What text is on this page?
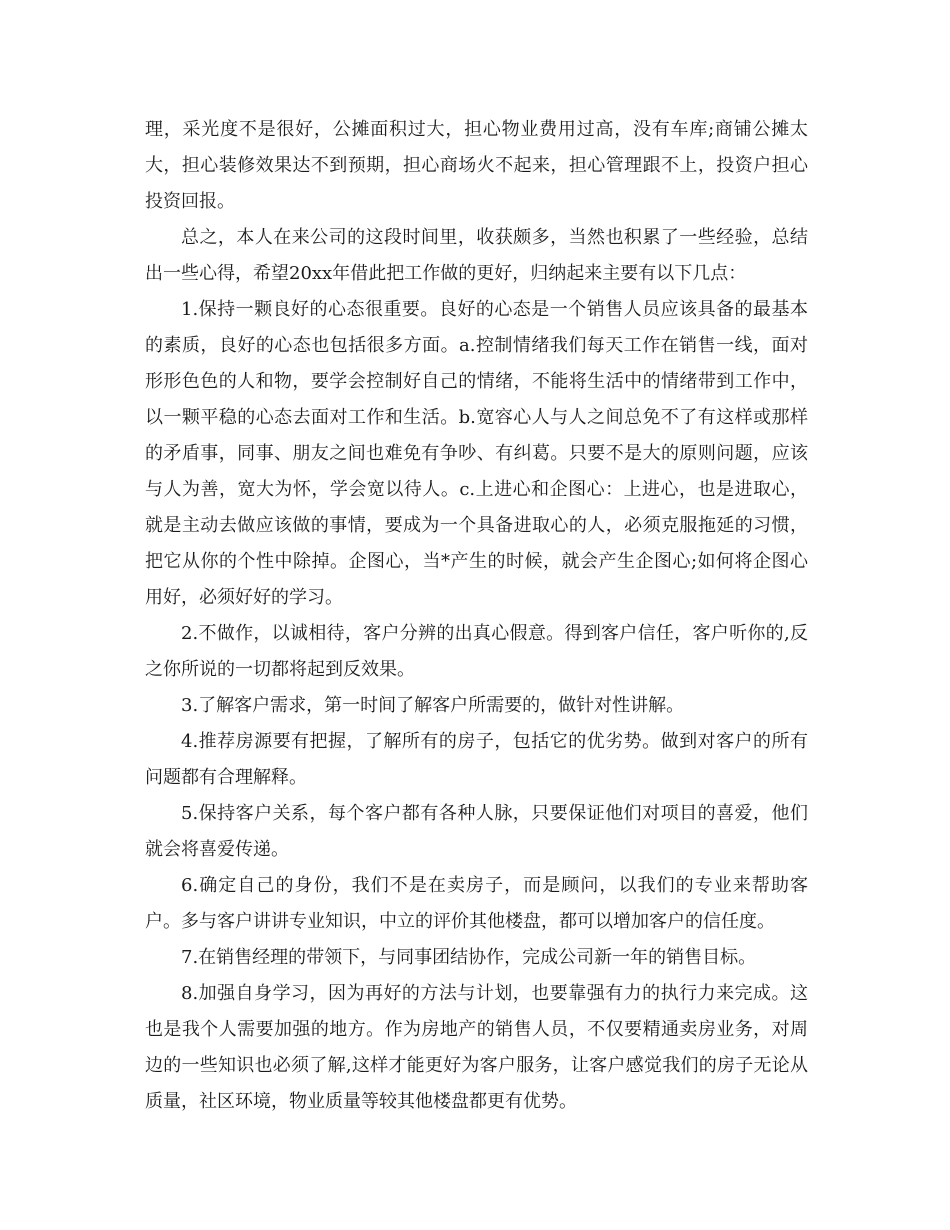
理，采光度不是很好，公摊面积过大，担心物业费用过高，没有车库;商铺公摊太大，担心装修效果达不到预期，担心商场火不起来，担心管理跟不上，投资户担心投资回报。

总之，本人在来公司的这段时间里，收获颇多，当然也积累了一些经验，总结出一些心得，希望20xx年借此把工作做的更好，归纳起来主要有以下几点：

1.保持一颗良好的心态很重要。良好的心态是一个销售人员应该具备的最基本的素质，良好的心态也包括很多方面。a.控制情绪我们每天工作在销售一线，面对形形色色的人和物，要学会控制好自己的情绪，不能将生活中的情绪带到工作中，以一颗平稳的心态去面对工作和生活。b.宽容心人与人之间总免不了有这样或那样的矛盾事，同事、朋友之间也难免有争吵、有纠葛。只要不是大的原则问题，应该与人为善，宽大为怀，学会宽以待人。c.上进心和企图心：上进心，也是进取心，就是主动去做应该做的事情，要成为一个具备进取心的人，必须克服拖延的习惯，把它从你的个性中除掉。企图心，当*产生的时候，就会产生企图心;如何将企图心用好，必须好好的学习。

2.不做作，以诚相待，客户分辨的出真心假意。得到客户信任，客户听你的,反之你所说的一切都将起到反效果。

3.了解客户需求，第一时间了解客户所需要的，做针对性讲解。

4.推荐房源要有把握，了解所有的房子，包括它的优劣势。做到对客户的所有问题都有合理解释。

5.保持客户关系，每个客户都有各种人脉，只要保证他们对项目的喜爱，他们就会将喜爱传递。

6.确定自己的身份，我们不是在卖房子，而是顾问，以我们的专业来帮助客户。多与客户讲讲专业知识，中立的评价其他楼盘，都可以增加客户的信任度。

7.在销售经理的带领下，与同事团结协作，完成公司新一年的销售目标。

8.加强自身学习，因为再好的方法与计划，也要靠强有力的执行力来完成。这也是我个人需要加强的地方。作为房地产的销售人员，不仅要精通卖房业务，对周边的一些知识也必须了解,这样才能更好为客户服务，让客户感觉我们的房子无论从质量，社区环境，物业质量等较其他楼盘都更有优势。
